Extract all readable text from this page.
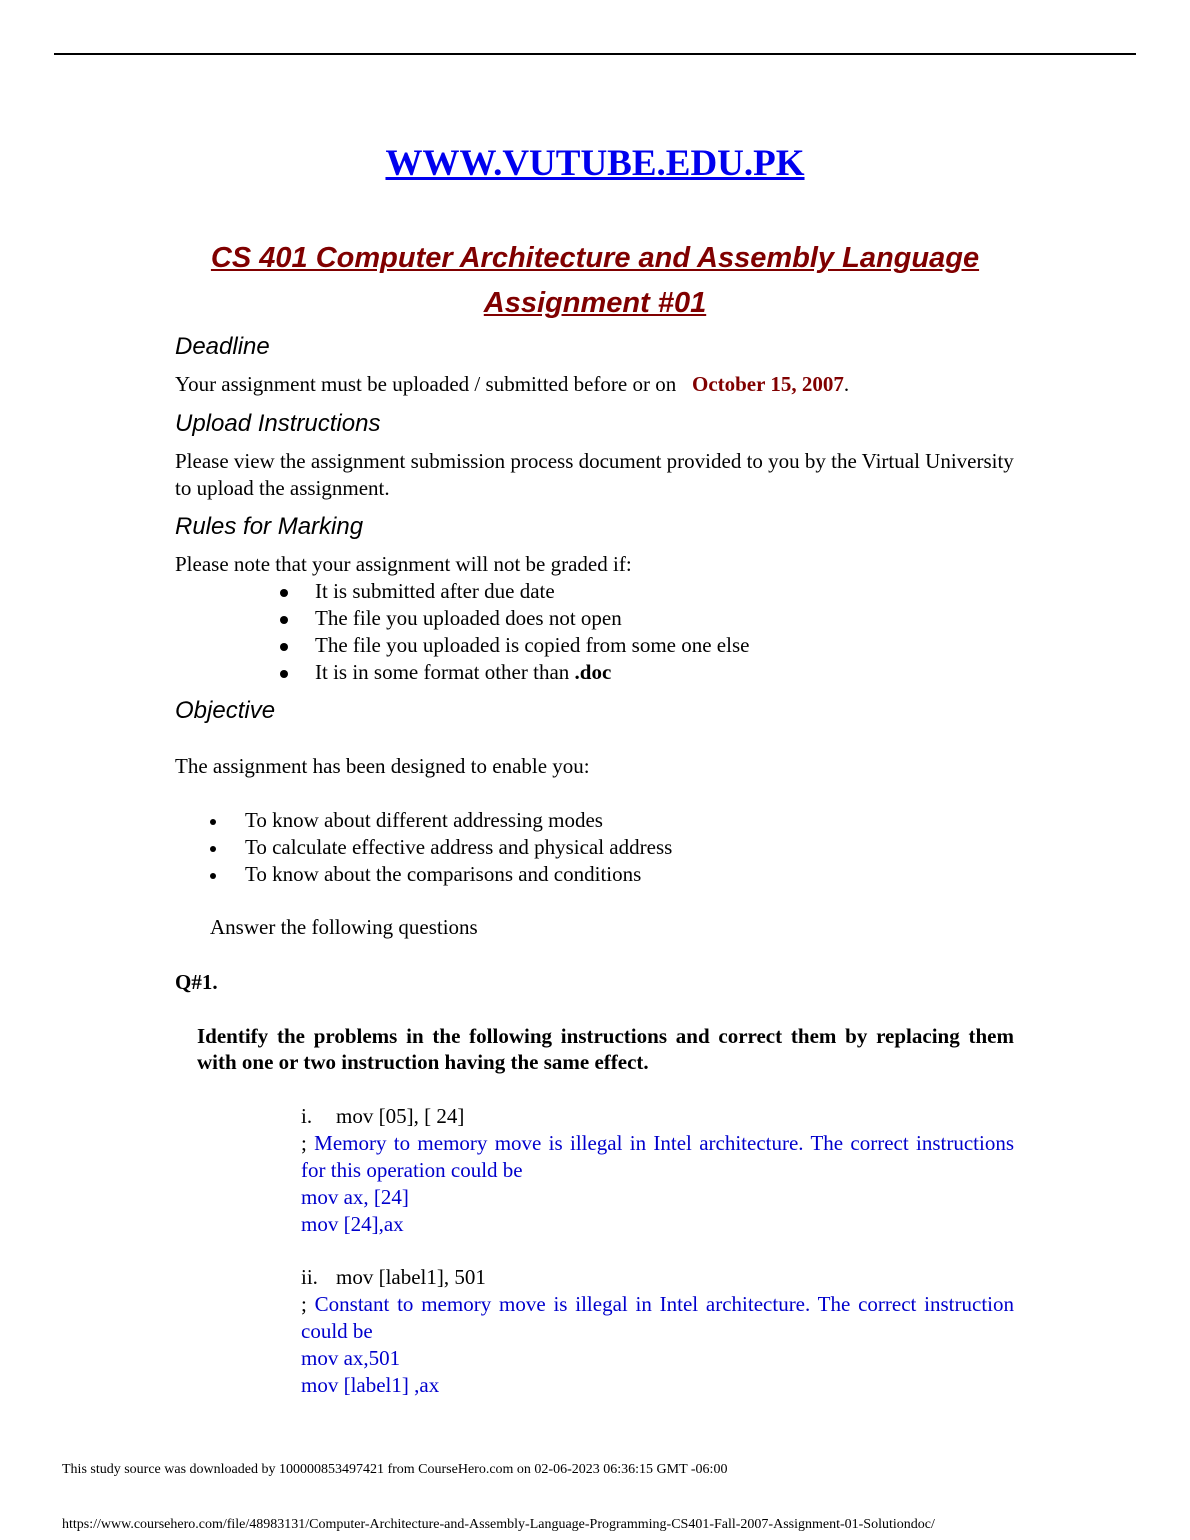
WWW.VUTUBE.EDU.PK
CS 401 Computer Architecture and Assembly Language
Assignment #01
Deadline
Your assignment must be uploaded / submitted before or on October 15, 2007.
Upload Instructions
Please view the assignment submission process document provided to you by the Virtual University to upload the assignment.
Rules for Marking
Please note that your assignment will not be graded if:
It is submitted after due date
The file you uploaded does not open
The file you uploaded is copied from some one else
It is in some format other than .doc
Objective
The assignment has been designed to enable you:
To know about different addressing modes
To calculate effective address and physical address
To know about the comparisons and conditions
Answer the following questions
Q#1.
Identify the problems in the following instructions and correct them by replacing them with one or two instruction having the same effect.
i. mov [05], [ 24]
; Memory to memory move is illegal in Intel architecture. The correct instructions for this operation could be
mov ax, [24]
mov [24],ax
ii. mov [label1], 501
; Constant to memory move is illegal in Intel architecture. The correct instruction could be
mov ax,501
mov [label1] ,ax
This study source was downloaded by 100000853497421 from CourseHero.com on 02-06-2023 06:36:15 GMT -06:00
https://www.coursehero.com/file/48983131/Computer-Architecture-and-Assembly-Language-Programming-CS401-Fall-2007-Assignment-01-Solutiondoc/
